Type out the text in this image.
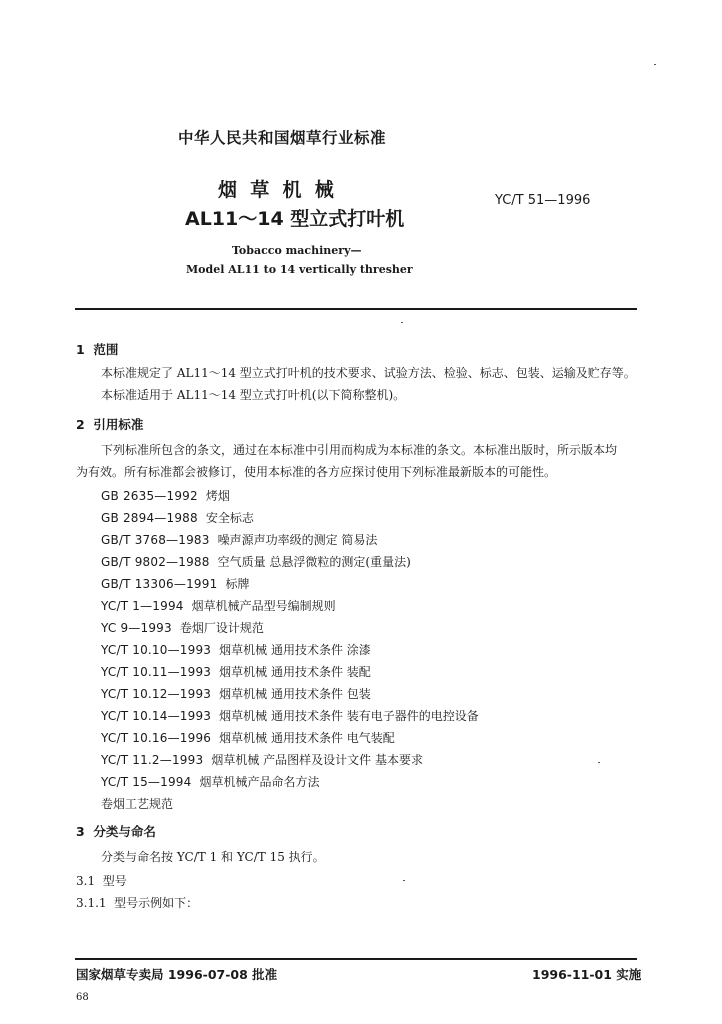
中华人民共和国烟草行业标准
烟  草  机  械
AL11～14 型立式打叶机
YC/T 51—1996
Tobacco machinery—
Model AL11 to 14 vertically thresher
1  范围
本标准规定了 AL11～14 型立式打叶机的技术要求、试验方法、检验、标志、包装、运输及贮存等。
本标准适用于 AL11～14 型立式打叶机(以下简称整机)。
2  引用标准
下列标准所包含的条文，通过在本标准中引用而构成为本标准的条文。本标准出版时，所示版本均
为有效。所有标准都会被修订，使用本标准的各方应探讨使用下列标准最新版本的可能性。
GB 2635—1992 烤烟
GB 2894—1988 安全标志
GB/T 3768—1983 噪声源声功率级的测定 简易法
GB/T 9802—1988 空气质量 总悬浮微粒的测定(重量法)
GB/T 13306—1991 标牌
YC/T 1—1994 烟草机械产品型号编制规则
YC 9—1993 卷烟厂设计规范
YC/T 10.10—1993 烟草机械 通用技术条件 涂漆
YC/T 10.11—1993 烟草机械 通用技术条件 装配
YC/T 10.12—1993 烟草机械 通用技术条件 包装
YC/T 10.14—1993 烟草机械 通用技术条件 装有电子器件的电控设备
YC/T 10.16—1996 烟草机械 通用技术条件 电气装配
YC/T 11.2—1993 烟草机械 产品图样及设计文件 基本要求
YC/T 15—1994 烟草机械产品命名方法
卷烟工艺规范
3  分类与命名
分类与命名按 YC/T 1 和 YC/T 15 执行。
3.1  型号
3.1.1  型号示例如下：
国家烟草专卖局 1996-07-08 批准	1996-11-01 实施
68
